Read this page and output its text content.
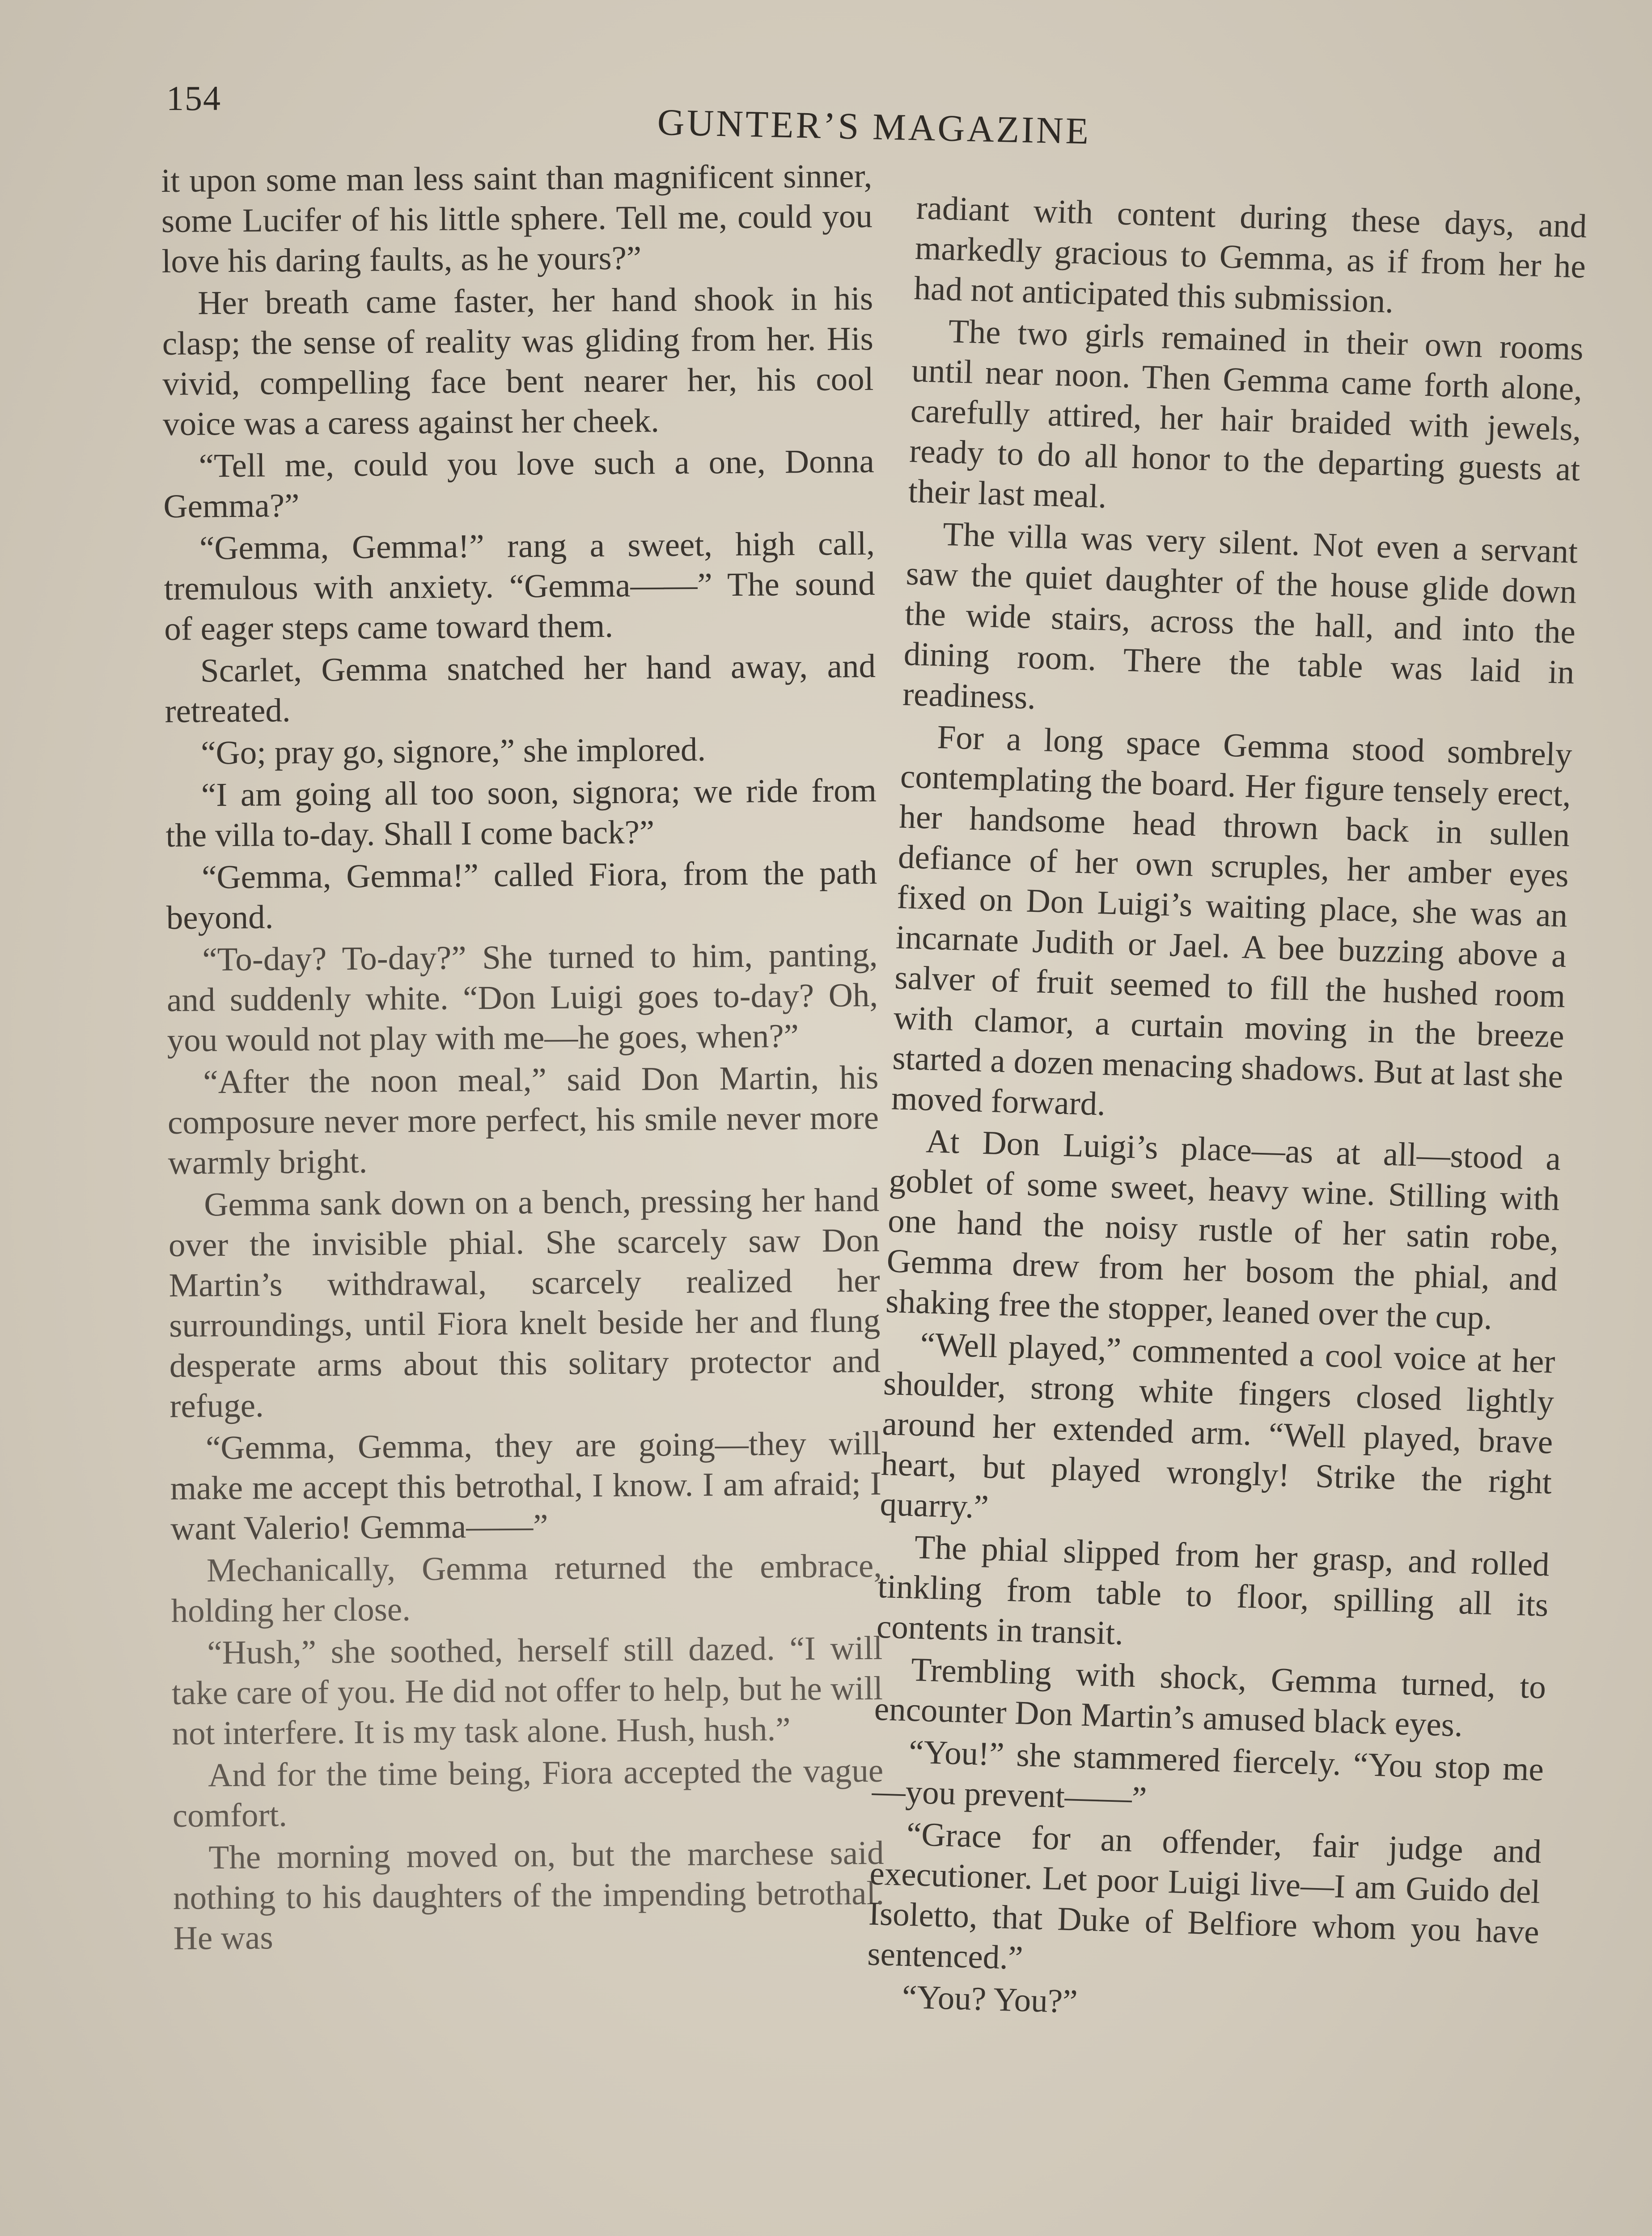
154
GUNTER’S MAGAZINE

it upon some man less saint than magnificent sinner, some Lucifer of his little sphere. Tell me, could you love his daring faults, as he yours?”

Her breath came faster, her hand shook in his clasp; the sense of reality was gliding from her. His vivid, compelling face bent nearer her, his cool voice was a caress against her cheek.

“Tell me, could you love such a one, Donna Gemma?”

“Gemma, Gemma!” rang a sweet, high call, tremulous with anxiety. “Gemma——” The sound of eager steps came toward them.

Scarlet, Gemma snatched her hand away, and retreated.

“Go; pray go, signore,” she implored.

“I am going all too soon, signora; we ride from the villa to-day. Shall I come back?”

“Gemma, Gemma!” called Fiora, from the path beyond.

“To-day? To-day?” She turned to him, panting, and suddenly white. “Don Luigi goes to-day? Oh, you would not play with me—he goes, when?”

“After the noon meal,” said Don Martin, his composure never more perfect, his smile never more warmly bright.

Gemma sank down on a bench, pressing her hand over the invisible phial. She scarcely saw Don Martin’s withdrawal, scarcely realized her surroundings, until Fiora knelt beside her and flung desperate arms about this solitary protector and refuge.

“Gemma, Gemma, they are going—they will make me accept this betrothal, I know. I am afraid; I want Valerio! Gemma——”

Mechanically, Gemma returned the embrace, holding her close.

“Hush,” she soothed, herself still dazed. “I will take care of you. He did not offer to help, but he will not interfere. It is my task alone. Hush, hush.”

And for the time being, Fiora accepted the vague comfort.

The morning moved on, but the marchese said nothing to his daughters of the impending betrothal. He was

radiant with content during these days, and markedly gracious to Gemma, as if from her he had not anticipated this submission.

The two girls remained in their own rooms until near noon. Then Gemma came forth alone, carefully attired, her hair braided with jewels, ready to do all honor to the departing guests at their last meal.

The villa was very silent. Not even a servant saw the quiet daughter of the house glide down the wide stairs, across the hall, and into the dining room. There the table was laid in readiness.

For a long space Gemma stood sombrely contemplating the board. Her figure tensely erect, her handsome head thrown back in sullen defiance of her own scruples, her amber eyes fixed on Don Luigi’s waiting place, she was an incarnate Judith or Jael. A bee buzzing above a salver of fruit seemed to fill the hushed room with clamor, a curtain moving in the breeze started a dozen menacing shadows. But at last she moved forward.

At Don Luigi’s place—as at all—stood a goblet of some sweet, heavy wine. Stilling with one hand the noisy rustle of her satin robe, Gemma drew from her bosom the phial, and shaking free the stopper, leaned over the cup.

“Well played,” commented a cool voice at her shoulder, strong white fingers closed lightly around her extended arm. “Well played, brave heart, but played wrongly! Strike the right quarry.”

The phial slipped from her grasp, and rolled tinkling from table to floor, spilling all its contents in transit.

Trembling with shock, Gemma turned, to encounter Don Martin’s amused black eyes.

“You!” she stammered fiercely. “You stop me—you prevent——”

“Grace for an offender, fair judge and executioner. Let poor Luigi live—I am Guido del Isoletto, that Duke of Belfiore whom you have sentenced.”

“You? You?”
